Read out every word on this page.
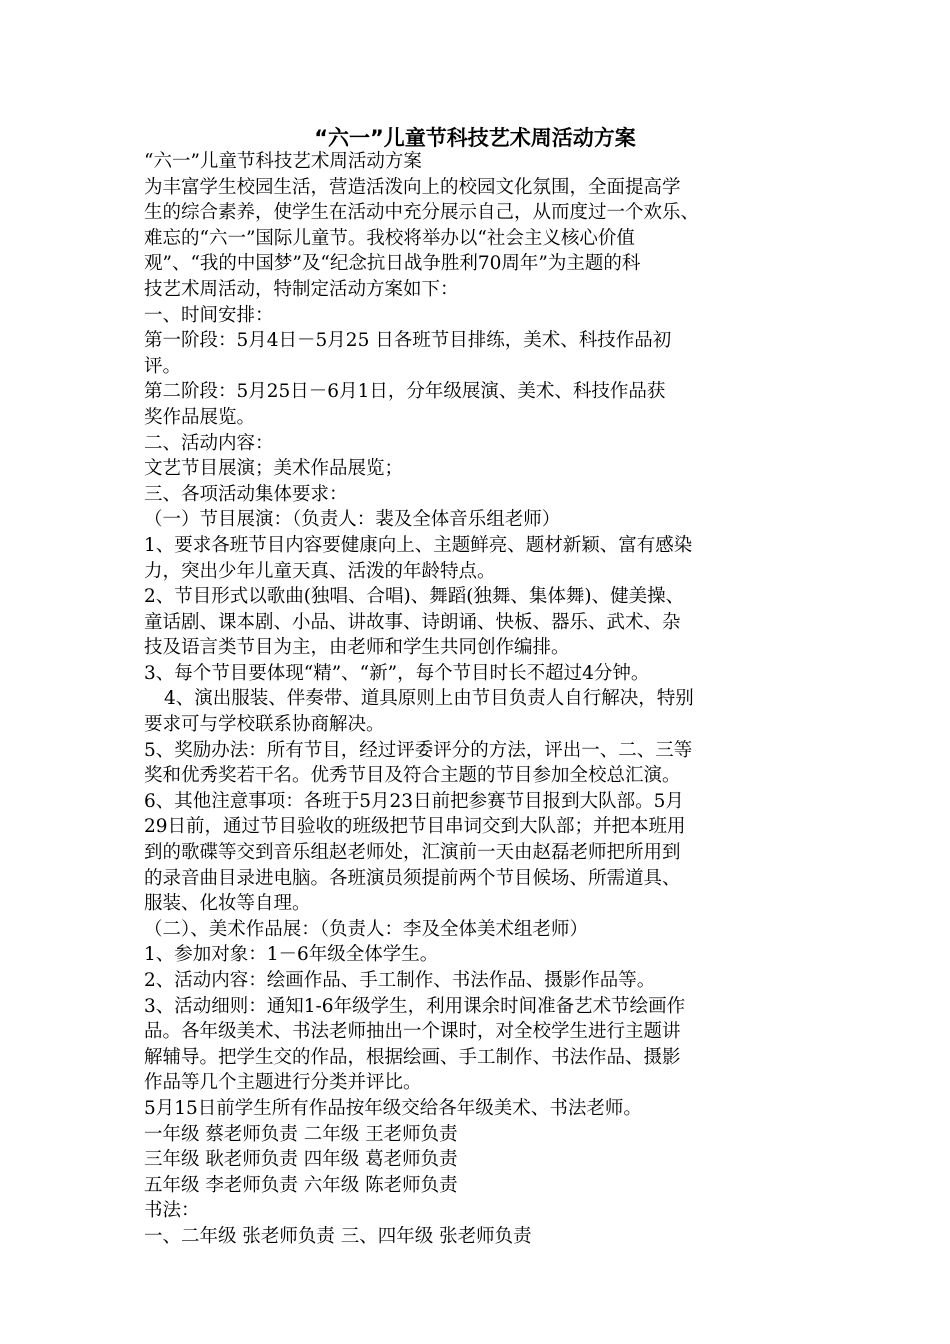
“六一”儿童节科技艺术周活动方案
“六一”儿童节科技艺术周活动方案
为丰富学生校园生活，营造活泼向上的校园文化氛围，全面提高学
生的综合素养，使学生在活动中充分展示自己，从而度过一个欢乐、
难忘的“六一”国际儿童节。我校将举办以“社会主义核心价值
观”、“我的中国梦”及“纪念抗日战争胜利70周年”为主题的科
技艺术周活动，特制定活动方案如下：
一、时间安排：
第一阶段：5月4日－5月25 日各班节目排练，美术、科技作品初
评。
第二阶段：5月25日－6月1日，分年级展演、美术、科技作品获
奖作品展览。
二、活动内容：
文艺节目展演；美术作品展览；
三、各项活动集体要求：
（一）节目展演：（负责人：裴及全体音乐组老师）
1、要求各班节目内容要健康向上、主题鲜亮、题材新颖、富有感染
力，突出少年儿童天真、活泼的年龄特点。
2、节目形式以歌曲(独唱、合唱)、舞蹈(独舞、集体舞)、健美操、
童话剧、课本剧、小品、讲故事、诗朗诵、快板、器乐、武术、杂
技及语言类节目为主，由老师和学生共同创作编排。
3、每个节目要体现“精”、“新”，每个节目时长不超过4分钟。
4、演出服装、伴奏带、道具原则上由节目负责人自行解决，特别
要求可与学校联系协商解决。
5、奖励办法：所有节目，经过评委评分的方法，评出一、二、三等
奖和优秀奖若干名。优秀节目及符合主题的节目参加全校总汇演。
6、其他注意事项：各班于5月23日前把参赛节目报到大队部。5月
29日前，通过节目验收的班级把节目串词交到大队部；并把本班用
到的歌碟等交到音乐组赵老师处，汇演前一天由赵磊老师把所用到
的录音曲目录进电脑。各班演员须提前两个节目候场、所需道具、
服装、化妆等自理。
（二）、美术作品展：（负责人：李及全体美术组老师）
1、参加对象：1－6年级全体学生。
2、活动内容：绘画作品、手工制作、书法作品、摄影作品等。
3、活动细则：通知1-6年级学生，利用课余时间准备艺术节绘画作
品。各年级美术、书法老师抽出一个课时，对全校学生进行主题讲
解辅导。把学生交的作品，根据绘画、手工制作、书法作品、摄影
作品等几个主题进行分类并评比。
5月15日前学生所有作品按年级交给各年级美术、书法老师。
一年级 蔡老师负责 二年级 王老师负责
三年级 耿老师负责 四年级 葛老师负责
五年级 李老师负责 六年级 陈老师负责
书法：
一、二年级 张老师负责 三、四年级 张老师负责
